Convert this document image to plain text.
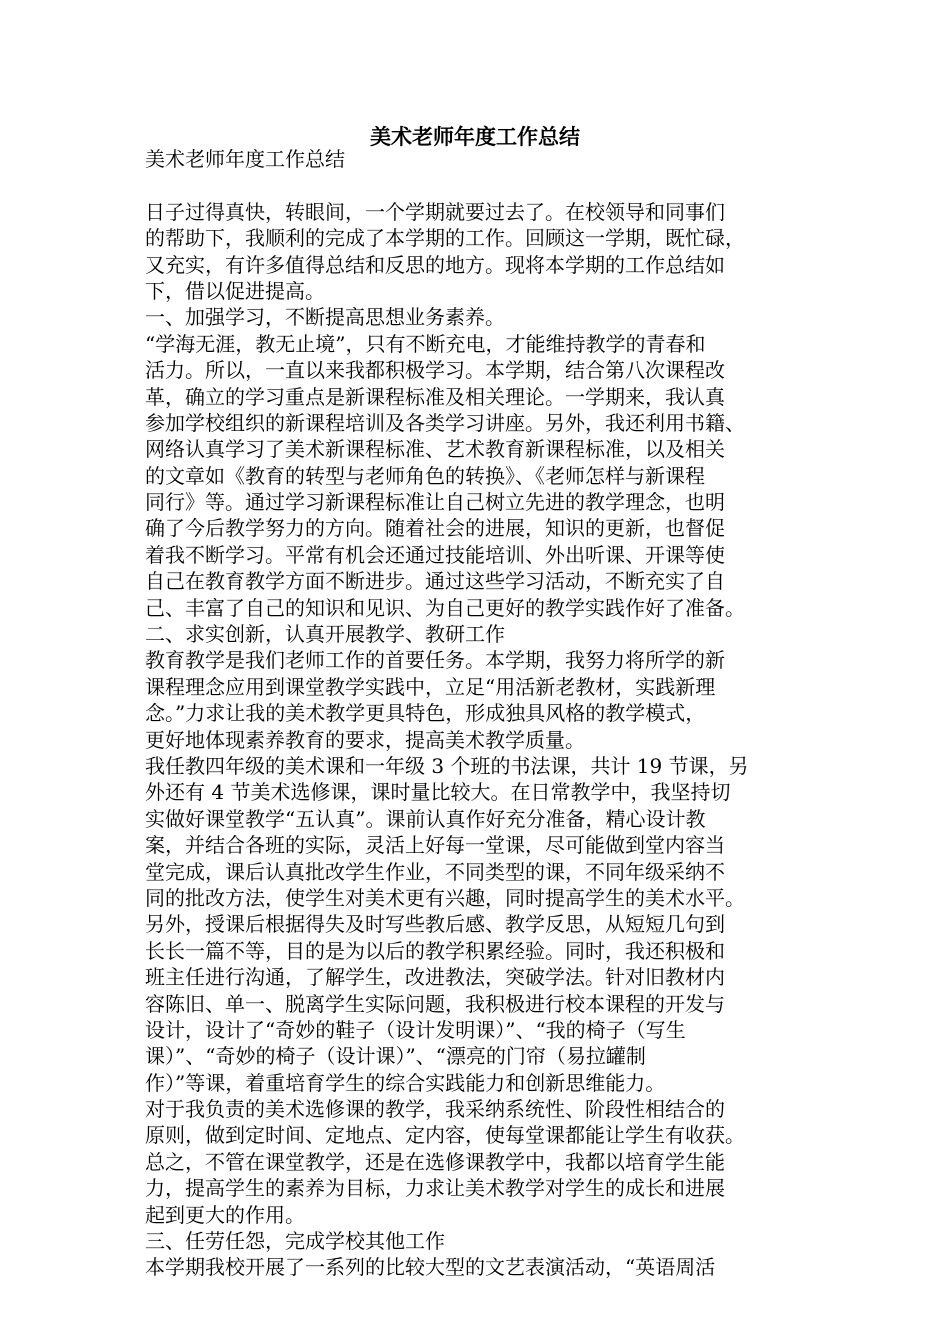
美术老师年度工作总结
美术老师年度工作总结
日子过得真快，转眼间，一个学期就要过去了。在校领导和同事们
的帮助下，我顺利的完成了本学期的工作。回顾这一学期，既忙碌，
又充实，有许多值得总结和反思的地方。现将本学期的工作总结如
下，借以促进提高。
一、加强学习，不断提高思想业务素养。
“学海无涯，教无止境”，只有不断充电，才能维持教学的青春和
活力。所以，一直以来我都积极学习。本学期，结合第八次课程改
革，确立的学习重点是新课程标准及相关理论。一学期来，我认真
参加学校组织的新课程培训及各类学习讲座。另外，我还利用书籍、
网络认真学习了美术新课程标准、艺术教育新课程标准，以及相关
的文章如《教育的转型与老师角色的转换》、《老师怎样与新课程
同行》等。通过学习新课程标准让自己树立先进的教学理念，也明
确了今后教学努力的方向。随着社会的进展，知识的更新，也督促
着我不断学习。平常有机会还通过技能培训、外出听课、开课等使
自己在教育教学方面不断进步。通过这些学习活动，不断充实了自
己、丰富了自己的知识和见识、为自己更好的教学实践作好了准备。
二、求实创新，认真开展教学、教研工作
教育教学是我们老师工作的首要任务。本学期，我努力将所学的新
课程理念应用到课堂教学实践中，立足“用活新老教材，实践新理
念。”力求让我的美术教学更具特色，形成独具风格的教学模式，
更好地体现素养教育的要求，提高美术教学质量。
我任教四年级的美术课和一年级 3 个班的书法课，共计 19 节课，另
外还有 4 节美术选修课，课时量比较大。在日常教学中，我坚持切
实做好课堂教学“五认真”。课前认真作好充分准备，精心设计教
案，并结合各班的实际，灵活上好每一堂课，尽可能做到堂内容当
堂完成，课后认真批改学生作业，不同类型的课，不同年级采纳不
同的批改方法，使学生对美术更有兴趣，同时提高学生的美术水平。
另外，授课后根据得失及时写些教后感、教学反思，从短短几句到
长长一篇不等，目的是为以后的教学积累经验。同时，我还积极和
班主任进行沟通，了解学生，改进教法，突破学法。针对旧教材内
容陈旧、单一、脱离学生实际问题，我积极进行校本课程的开发与
设计，设计了“奇妙的鞋子（设计发明课）”、“我的椅子（写生
课）”、“奇妙的椅子（设计课）”、“漂亮的门帘（易拉罐制
作）”等课，着重培育学生的综合实践能力和创新思维能力。
对于我负责的美术选修课的教学，我采纳系统性、阶段性相结合的
原则，做到定时间、定地点、定内容，使每堂课都能让学生有收获。
总之，不管在课堂教学，还是在选修课教学中，我都以培育学生能
力，提高学生的素养为目标，力求让美术教学对学生的成长和进展
起到更大的作用。
三、任劳任怨，完成学校其他工作
本学期我校开展了一系列的比较大型的文艺表演活动，“英语周活
